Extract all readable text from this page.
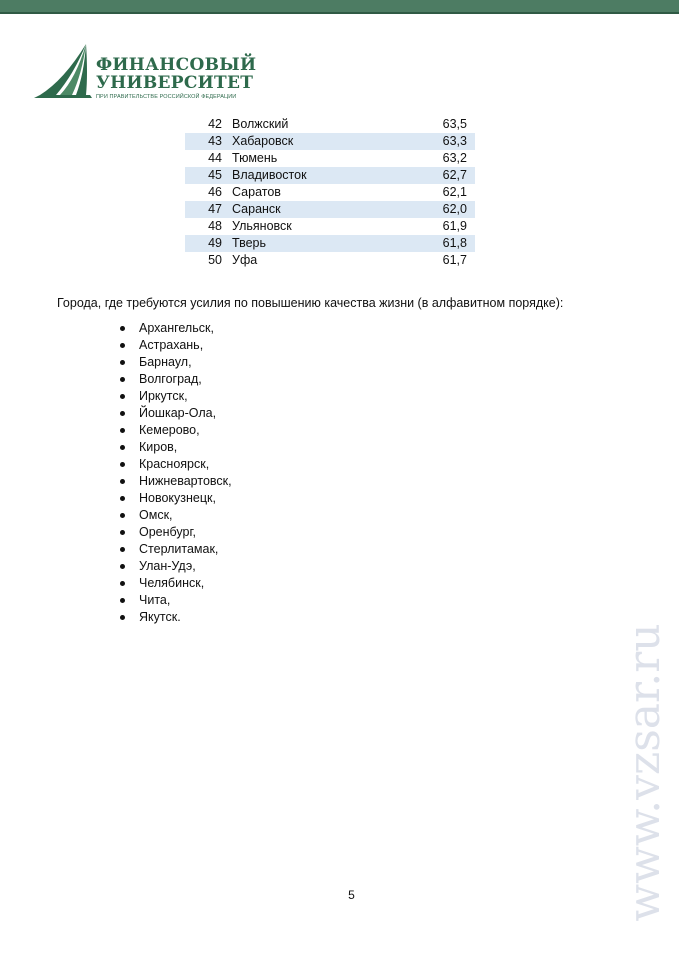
ФИНАНСОВЫЙ
УНИВЕРСИТЕТ
ПРИ ПРАВИТЕЛЬСТВЕ РОССИЙСКОЙ ФЕДЕРАЦИИ
42	Волжский	63,5
43	Хабаровск	63,3
44	Тюмень	63,2
45	Владивосток	62,7
46	Саратов	62,1
47	Саранск	62,0
48	Ульяновск	61,9
49	Тверь	61,8
50	Уфа	61,7
Города, где требуются усилия по повышению качества жизни (в алфавитном порядке):
Архангельск,
Астрахань,
Барнаул,
Волгоград,
Иркутск,
Йошкар-Ола,
Кемерово,
Киров,
Красноярск,
Нижневартовск,
Новокузнецк,
Омск,
Оренбург,
Стерлитамак,
Улан-Удэ,
Челябинск,
Чита,
Якутск.
5	www.vzsar.ru
